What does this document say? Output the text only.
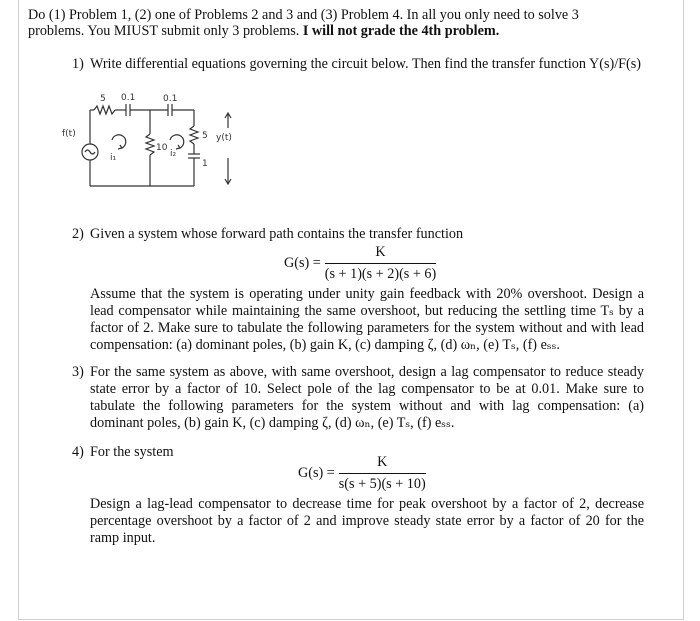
Do (1) Problem 1, (2) one of Problems 2 and 3 and (3) Problem 4. In all you only need to solve 3
problems. You MIUST submit only 3 problems. I will not grade the 4th problem.
1) Write differential equations governing the circuit below. Then find the transfer function Y(s)/F(s)
5 0.1	0.1
f(t)
i₁
10
i₂
5 y(t)
1
2) Given a system whose forward path contains the transfer function
$G(s) = \frac{K}{(s + 1)(s + 2)(s + 6)}$
Assume that the system is operating under unity gain feedback with 20% overshoot. Design a lead compensator while maintaining the same overshoot, but reducing the settling time Tₛ by a factor of 2. Make sure to tabulate the following parameters for the system without and with lead compensation: (a) dominant poles, (b) gain K, (c) damping ζ, (d) ωₙ, (e) Tₛ, (f) eₛₛ.
3) For the same system as above, with same overshoot, design a lag compensator to reduce steady state error by a factor of 10. Select pole of the lag compensator to be at 0.01. Make sure to tabulate the following parameters for the system without and with lag compensation: (a) dominant poles, (b) gain K, (c) damping ζ, (d) ωₙ, (e) Tₛ, (f) eₛₛ.
4) For the system
$G(s) = \frac{K}{s(s + 5)(s + 10)}$
Design a lag-lead compensator to decrease time for peak overshoot by a factor of 2, decrease percentage overshoot by a factor of 2 and improve steady state error by a factor of 20 for the ramp input.
